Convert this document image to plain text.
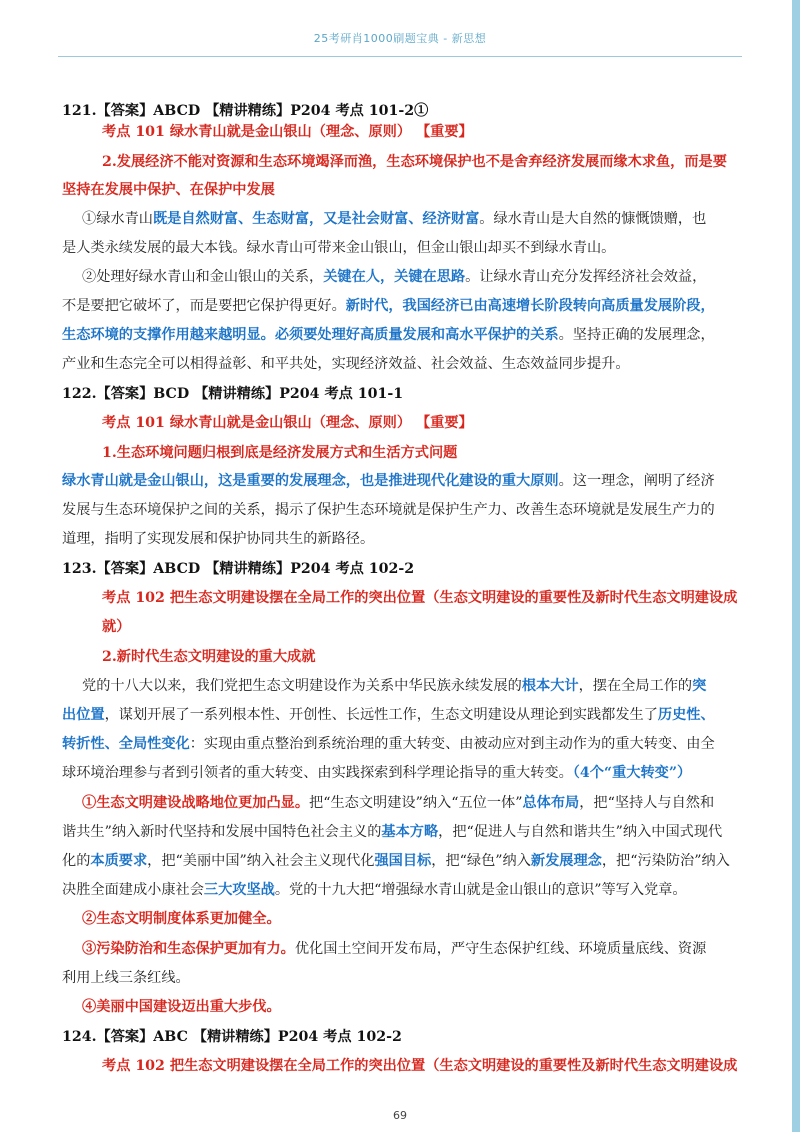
25考研肖1000刷题宝典 - 新思想
121.【答案】ABCD 【精讲精练】P204 考点 101-2①
考点 101 绿水青山就是金山银山（理念、原则） 【重要】
2.发展经济不能对资源和生态环境竭泽而渔，生态环境保护也不是舍弃经济发展而缘木求鱼，而是要
坚持在发展中保护、在保护中发展
①绿水青山既是自然财富、生态财富，又是社会财富、经济财富。绿水青山是大自然的慷慨馈赠，也
是人类永续发展的最大本钱。绿水青山可带来金山银山，但金山银山却买不到绿水青山。
②处理好绿水青山和金山银山的关系，关键在人，关键在思路。让绿水青山充分发挥经济社会效益，
不是要把它破坏了，而是要把它保护得更好。新时代，我国经济已由高速增长阶段转向高质量发展阶段，
生态环境的支撑作用越来越明显。必须要处理好高质量发展和高水平保护的关系。坚持正确的发展理念，
产业和生态完全可以相得益彰、和平共处，实现经济效益、社会效益、生态效益同步提升。
122.【答案】BCD 【精讲精练】P204 考点 101-1
考点 101 绿水青山就是金山银山（理念、原则） 【重要】
1.生态环境问题归根到底是经济发展方式和生活方式问题
绿水青山就是金山银山，这是重要的发展理念，也是推进现代化建设的重大原则。这一理念，阐明了经济
发展与生态环境保护之间的关系，揭示了保护生态环境就是保护生产力、改善生态环境就是发展生产力的
道理，指明了实现发展和保护协同共生的新路径。
123.【答案】ABCD 【精讲精练】P204 考点 102-2
考点 102 把生态文明建设摆在全局工作的突出位置（生态文明建设的重要性及新时代生态文明建设成
就）
2.新时代生态文明建设的重大成就
党的十八大以来，我们党把生态文明建设作为关系中华民族永续发展的根本大计，摆在全局工作的突
出位置，谋划开展了一系列根本性、开创性、长远性工作，生态文明建设从理论到实践都发生了历史性、
转折性、全局性变化：实现由重点整治到系统治理的重大转变、由被动应对到主动作为的重大转变、由全
球环境治理参与者到引领者的重大转变、由实践探索到科学理论指导的重大转变。（4个“重大转变”）
①生态文明建设战略地位更加凸显。把“生态文明建设”纳入“五位一体”总体布局，把“坚持人与自然和
谐共生”纳入新时代坚持和发展中国特色社会主义的基本方略，把“促进人与自然和谐共生”纳入中国式现代
化的本质要求，把“美丽中国”纳入社会主义现代化强国目标，把“绿色”纳入新发展理念，把“污染防治”纳入
决胜全面建成小康社会三大攻坚战。党的十九大把“增强绿水青山就是金山银山的意识”等写入党章。
②生态文明制度体系更加健全。
③污染防治和生态保护更加有力。优化国土空间开发布局，严守生态保护红线、环境质量底线、资源
利用上线三条红线。
④美丽中国建设迈出重大步伐。
124.【答案】ABC 【精讲精练】P204 考点 102-2
考点 102 把生态文明建设摆在全局工作的突出位置（生态文明建设的重要性及新时代生态文明建设成
69
